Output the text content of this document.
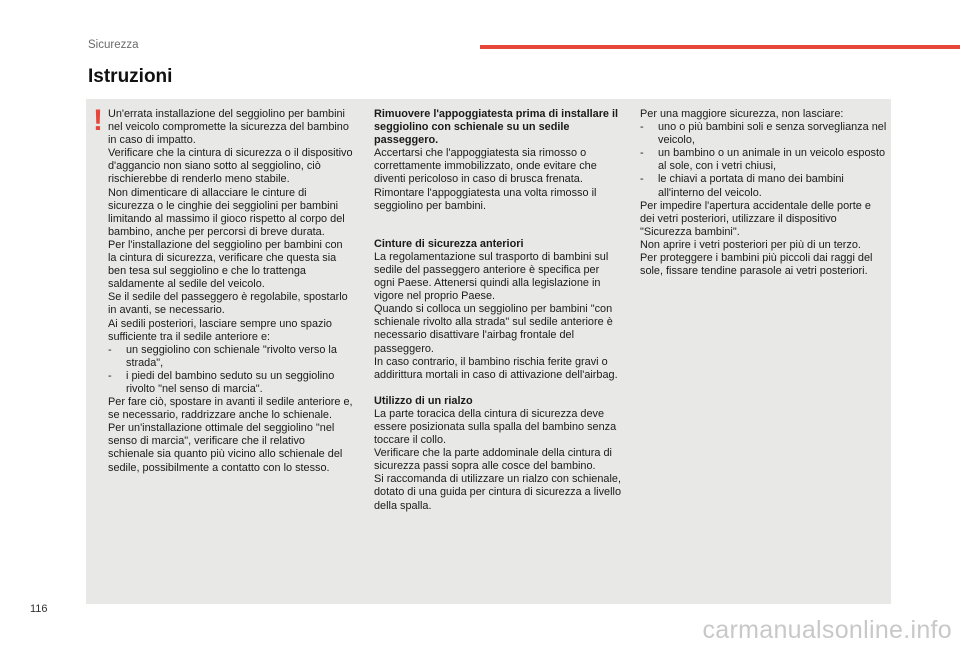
Sicurezza
Istruzioni
! Un'errata installazione del seggiolino per bambini nel veicolo compromette la sicurezza del bambino in caso di impatto.

Verificare che la cintura di sicurezza o il dispositivo d'aggancio non siano sotto al seggiolino, ciò rischierebbe di renderlo meno stabile.

Non dimenticare di allacciare le cinture di sicurezza o le cinghie dei seggiolini per bambini limitando al massimo il gioco rispetto al corpo del bambino, anche per percorsi di breve durata.

Per l'installazione del seggiolino per bambini con la cintura di sicurezza, verificare che questa sia ben tesa sul seggiolino e che lo trattenga saldamente al sedile del veicolo.

Se il sedile del passeggero è regolabile, spostarlo in avanti, se necessario.

Ai sedili posteriori, lasciare sempre uno spazio sufficiente tra il sedile anteriore e:

- un seggiolino con schienale "rivolto verso la strada",

- i piedi del bambino seduto su un seggiolino rivolto "nel senso di marcia".

Per fare ciò, spostare in avanti il sedile anteriore e, se necessario, raddrizzare anche lo schienale.

Per un'installazione ottimale del seggiolino "nel senso di marcia", verificare che il relativo schienale sia quanto più vicino allo schienale del sedile, possibilmente a contatto con lo stesso.

Rimuovere l'appoggiatesta prima di installare il seggiolino con schienale su un sedile passeggero.

Accertarsi che l'appoggiatesta sia rimosso o correttamente immobilizzato, onde evitare che diventi pericoloso in caso di brusca frenata. Rimontare l'appoggiatesta una volta rimosso il seggiolino per bambini.

Cinture di sicurezza anteriori

La regolamentazione sul trasporto di bambini sul sedile del passeggero anteriore è specifica per ogni Paese. Attenersi quindi alla legislazione in vigore nel proprio Paese.

Quando si colloca un seggiolino per bambini "con schienale rivolto alla strada" sul sedile anteriore è necessario disattivare l'airbag frontale del passeggero.

In caso contrario, il bambino rischia ferite gravi o addirittura mortali in caso di attivazione dell'airbag.

Utilizzo di un rialzo

La parte toracica della cintura di sicurezza deve essere posizionata sulla spalla del bambino senza toccare il collo.

Verificare che la parte addominale della cintura di sicurezza passi sopra alle cosce del bambino.

Si raccomanda di utilizzare un rialzo con schienale, dotato di una guida per cintura di sicurezza a livello della spalla.

Per una maggiore sicurezza, non lasciare:

- uno o più bambini soli e senza sorveglianza nel veicolo,

- un bambino o un animale in un veicolo esposto al sole, con i vetri chiusi,

- le chiavi a portata di mano dei bambini all'interno del veicolo.

Per impedire l'apertura accidentale delle porte e dei vetri posteriori, utilizzare il dispositivo "Sicurezza bambini".

Non aprire i vetri posteriori per più di un terzo.

Per proteggere i bambini più piccoli dai raggi del sole, fissare tendine parasole ai vetri posteriori.

116
carmanualsonline.info
